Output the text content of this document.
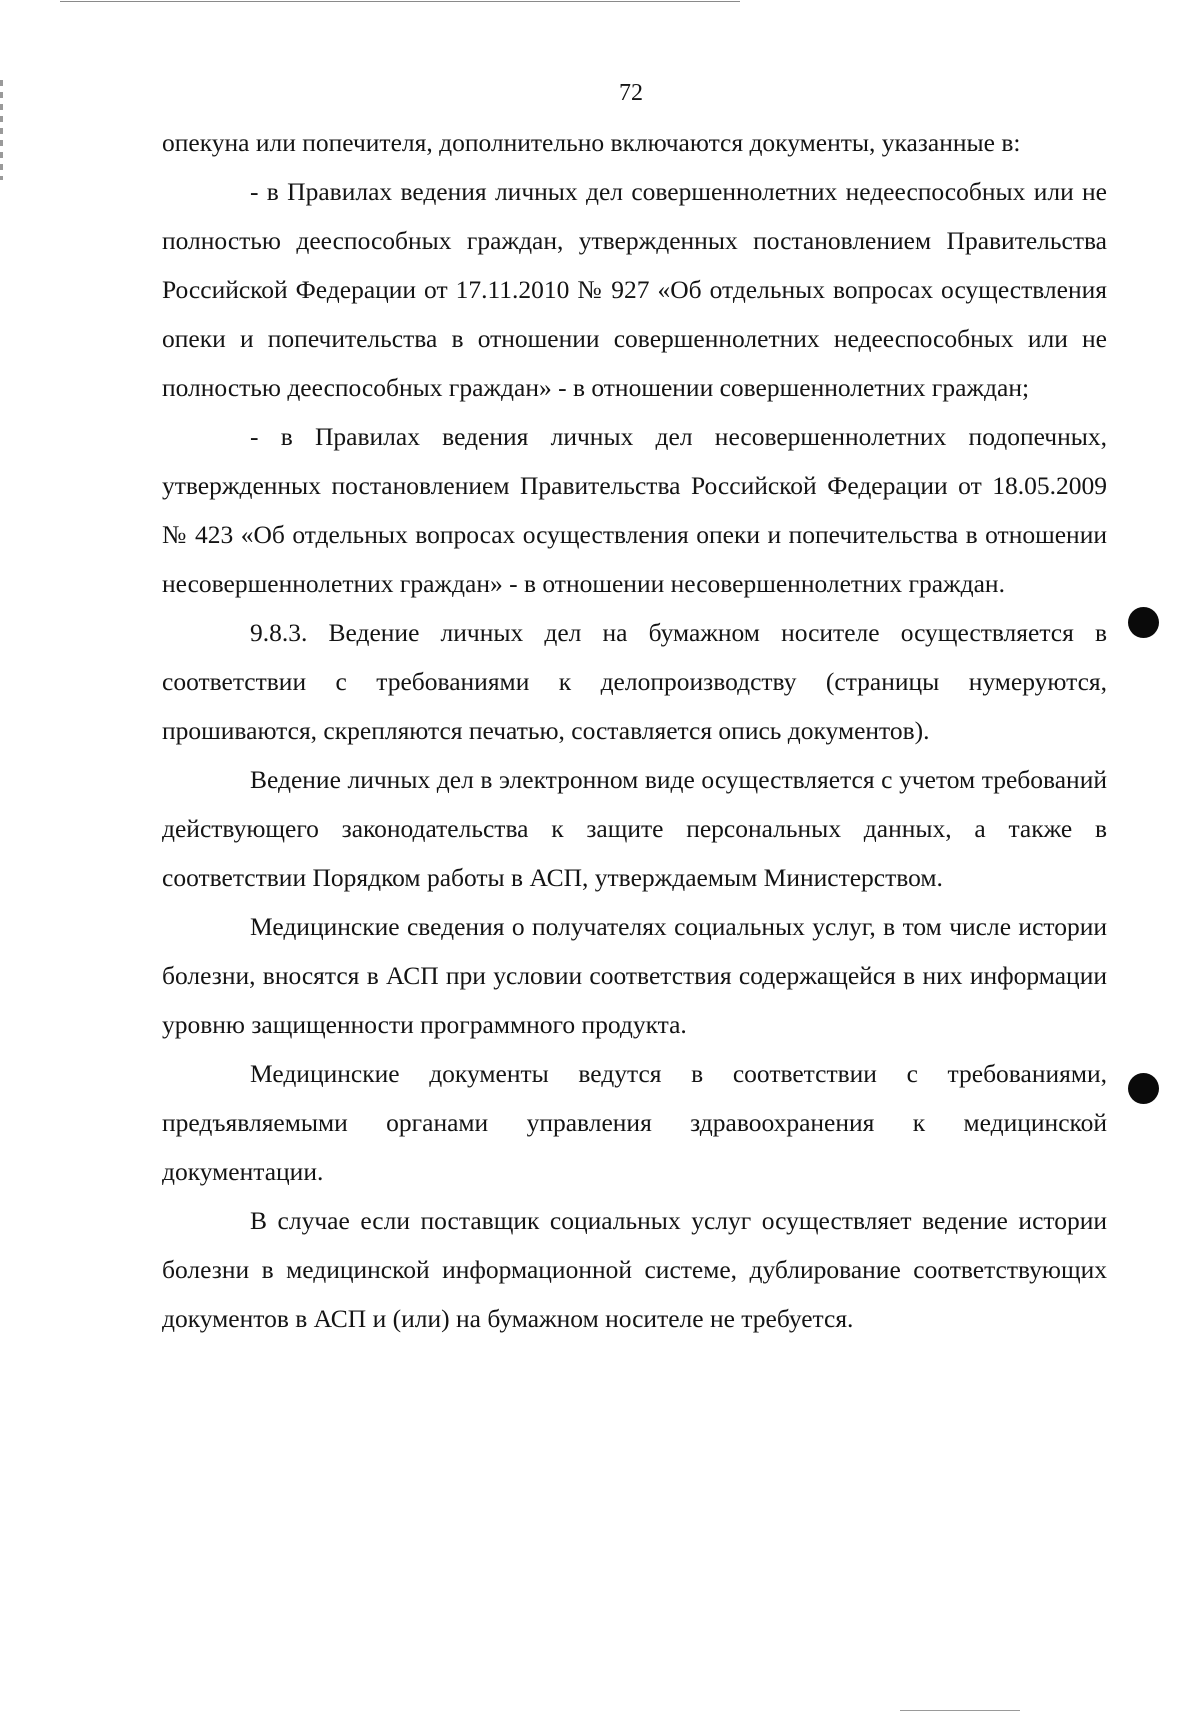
72

опекуна или попечителя, дополнительно включаются документы, указанные в:

- в Правилах ведения личных дел совершеннолетних недееспособных или не полностью дееспособных граждан, утвержденных постановлением Правительства Российской Федерации от 17.11.2010 № 927 «Об отдельных вопросах осуществления опеки и попечительства в отношении совершеннолетних недееспособных или не полностью дееспособных граждан» - в отношении совершеннолетних граждан;

- в Правилах ведения личных дел несовершеннолетних подопечных, утвержденных постановлением Правительства Российской Федерации от 18.05.2009 № 423 «Об отдельных вопросах осуществления опеки и попечительства в отношении несовершеннолетних граждан» - в отношении несовершеннолетних граждан.

9.8.3. Ведение личных дел на бумажном носителе осуществляется в соответствии с требованиями к делопроизводству (страницы нумеруются, прошиваются, скрепляются печатью, составляется опись документов).

Ведение личных дел в электронном виде осуществляется с учетом требований действующего законодательства к защите персональных данных, а также в соответствии Порядком работы в АСП, утверждаемым Министерством.

Медицинские сведения о получателях социальных услуг, в том числе истории болезни, вносятся в АСП при условии соответствия содержащейся в них информации уровню защищенности программного продукта.

Медицинские документы ведутся в соответствии с требованиями, предъявляемыми органами управления здравоохранения к медицинской документации.

В случае если поставщик социальных услуг осуществляет ведение истории болезни в медицинской информационной системе, дублирование соответствующих документов в АСП и (или) на бумажном носителе не требуется.
